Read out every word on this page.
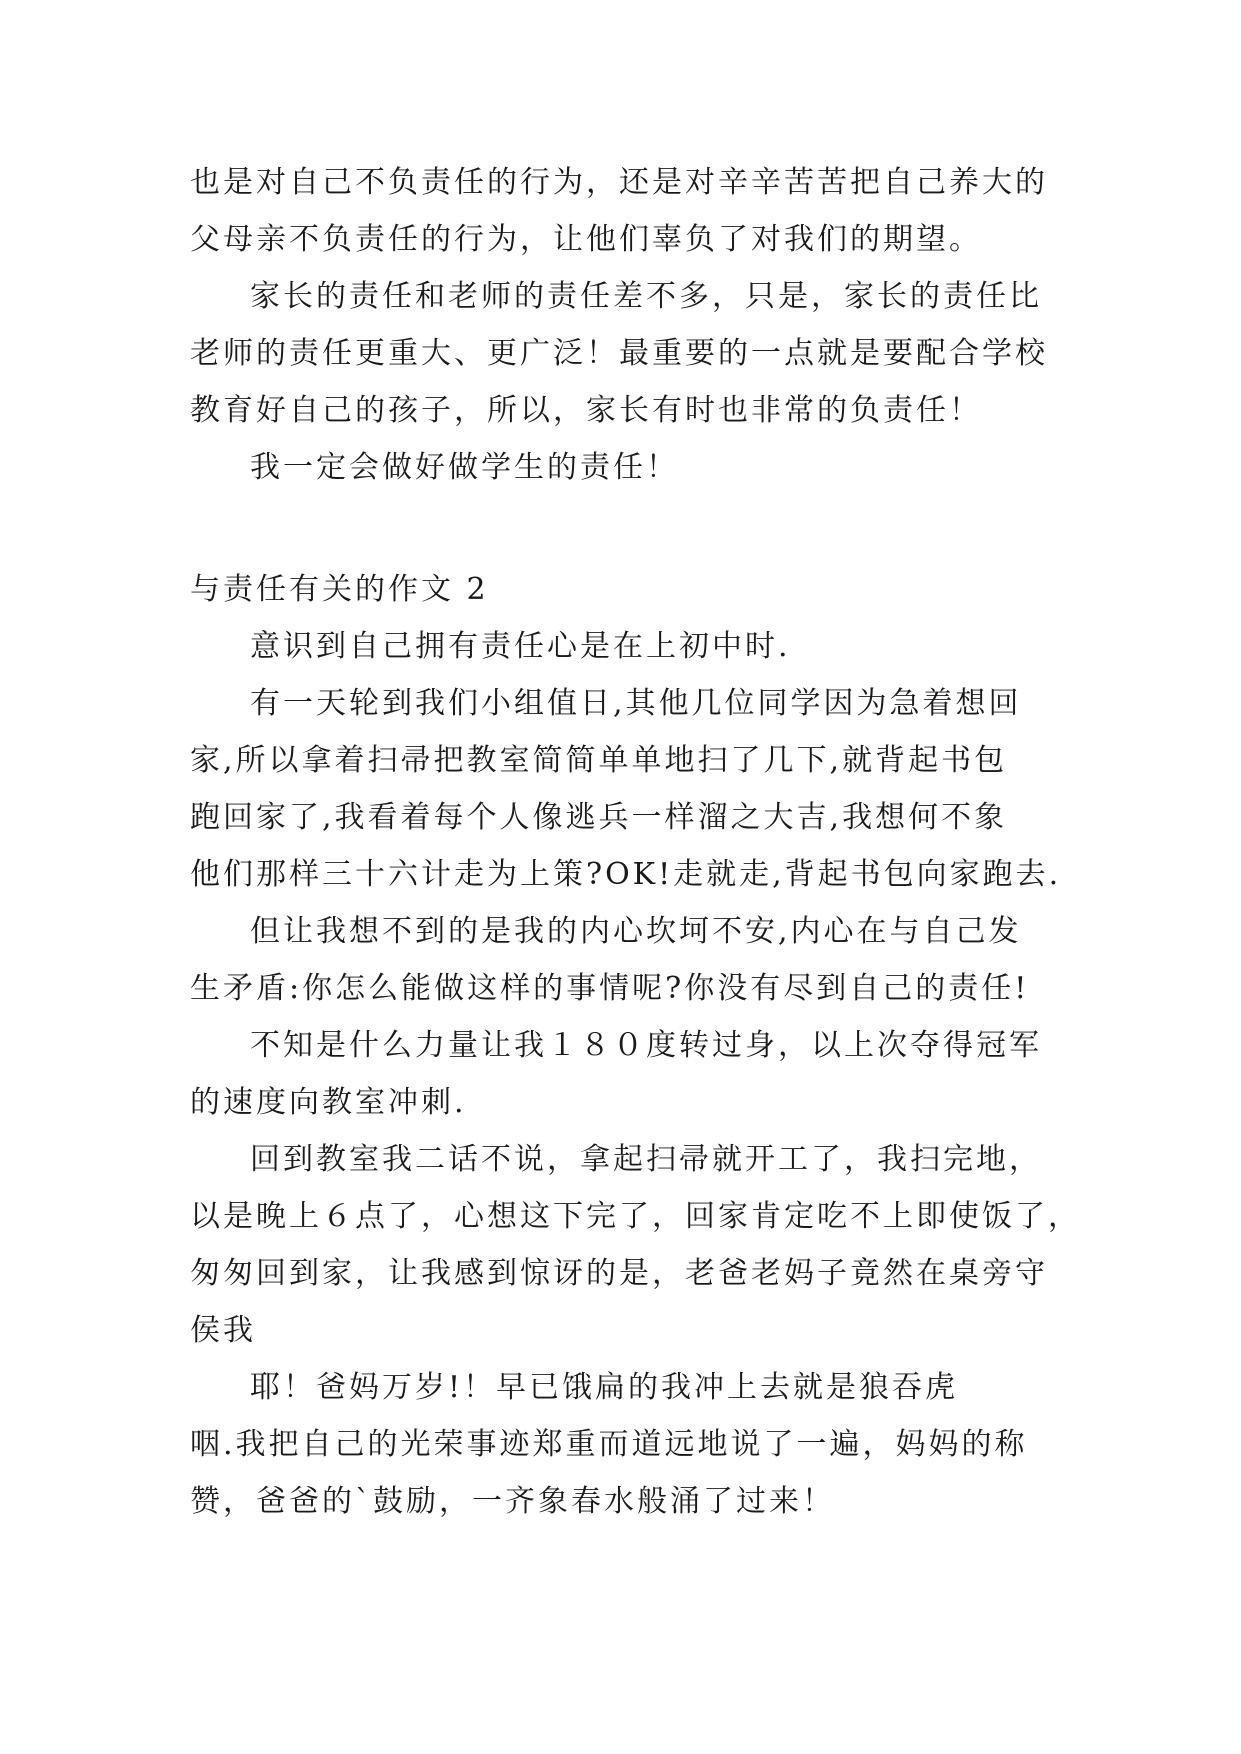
也是对自己不负责任的行为，还是对辛辛苦苦把自己养大的

父母亲不负责任的行为，让他们辜负了对我们的期望。

家长的责任和老师的责任差不多，只是，家长的责任比

老师的责任更重大、更广泛！最重要的一点就是要配合学校

教育好自己的孩子，所以，家长有时也非常的负责任！

我一定会做好做学生的责任！

与责任有关的作文 2

意识到自己拥有责任心是在上初中时.

有一天轮到我们小组值日,其他几位同学因为急着想回

家,所以拿着扫帚把教室简简单单地扫了几下,就背起书包

跑回家了,我看着每个人像逃兵一样溜之大吉,我想何不象

他们那样三十六计走为上策?OK!走就走,背起书包向家跑去.

但让我想不到的是我的内心坎坷不安,内心在与自己发

生矛盾:你怎么能做这样的事情呢?你没有尽到自己的责任!

不知是什么力量让我１８０度转过身，以上次夺得冠军

的速度向教室冲刺.

回到教室我二话不说，拿起扫帚就开工了，我扫完地，

以是晚上６点了，心想这下完了，回家肯定吃不上即使饭了，

匆匆回到家，让我感到惊讶的是，老爸老妈子竟然在桌旁守

侯我

耶！爸妈万岁!！早已饿扁的我冲上去就是狼吞虎

咽.我把自己的光荣事迹郑重而道远地说了一遍，妈妈的称

赞，爸爸的`鼓励，一齐象春水般涌了过来！
